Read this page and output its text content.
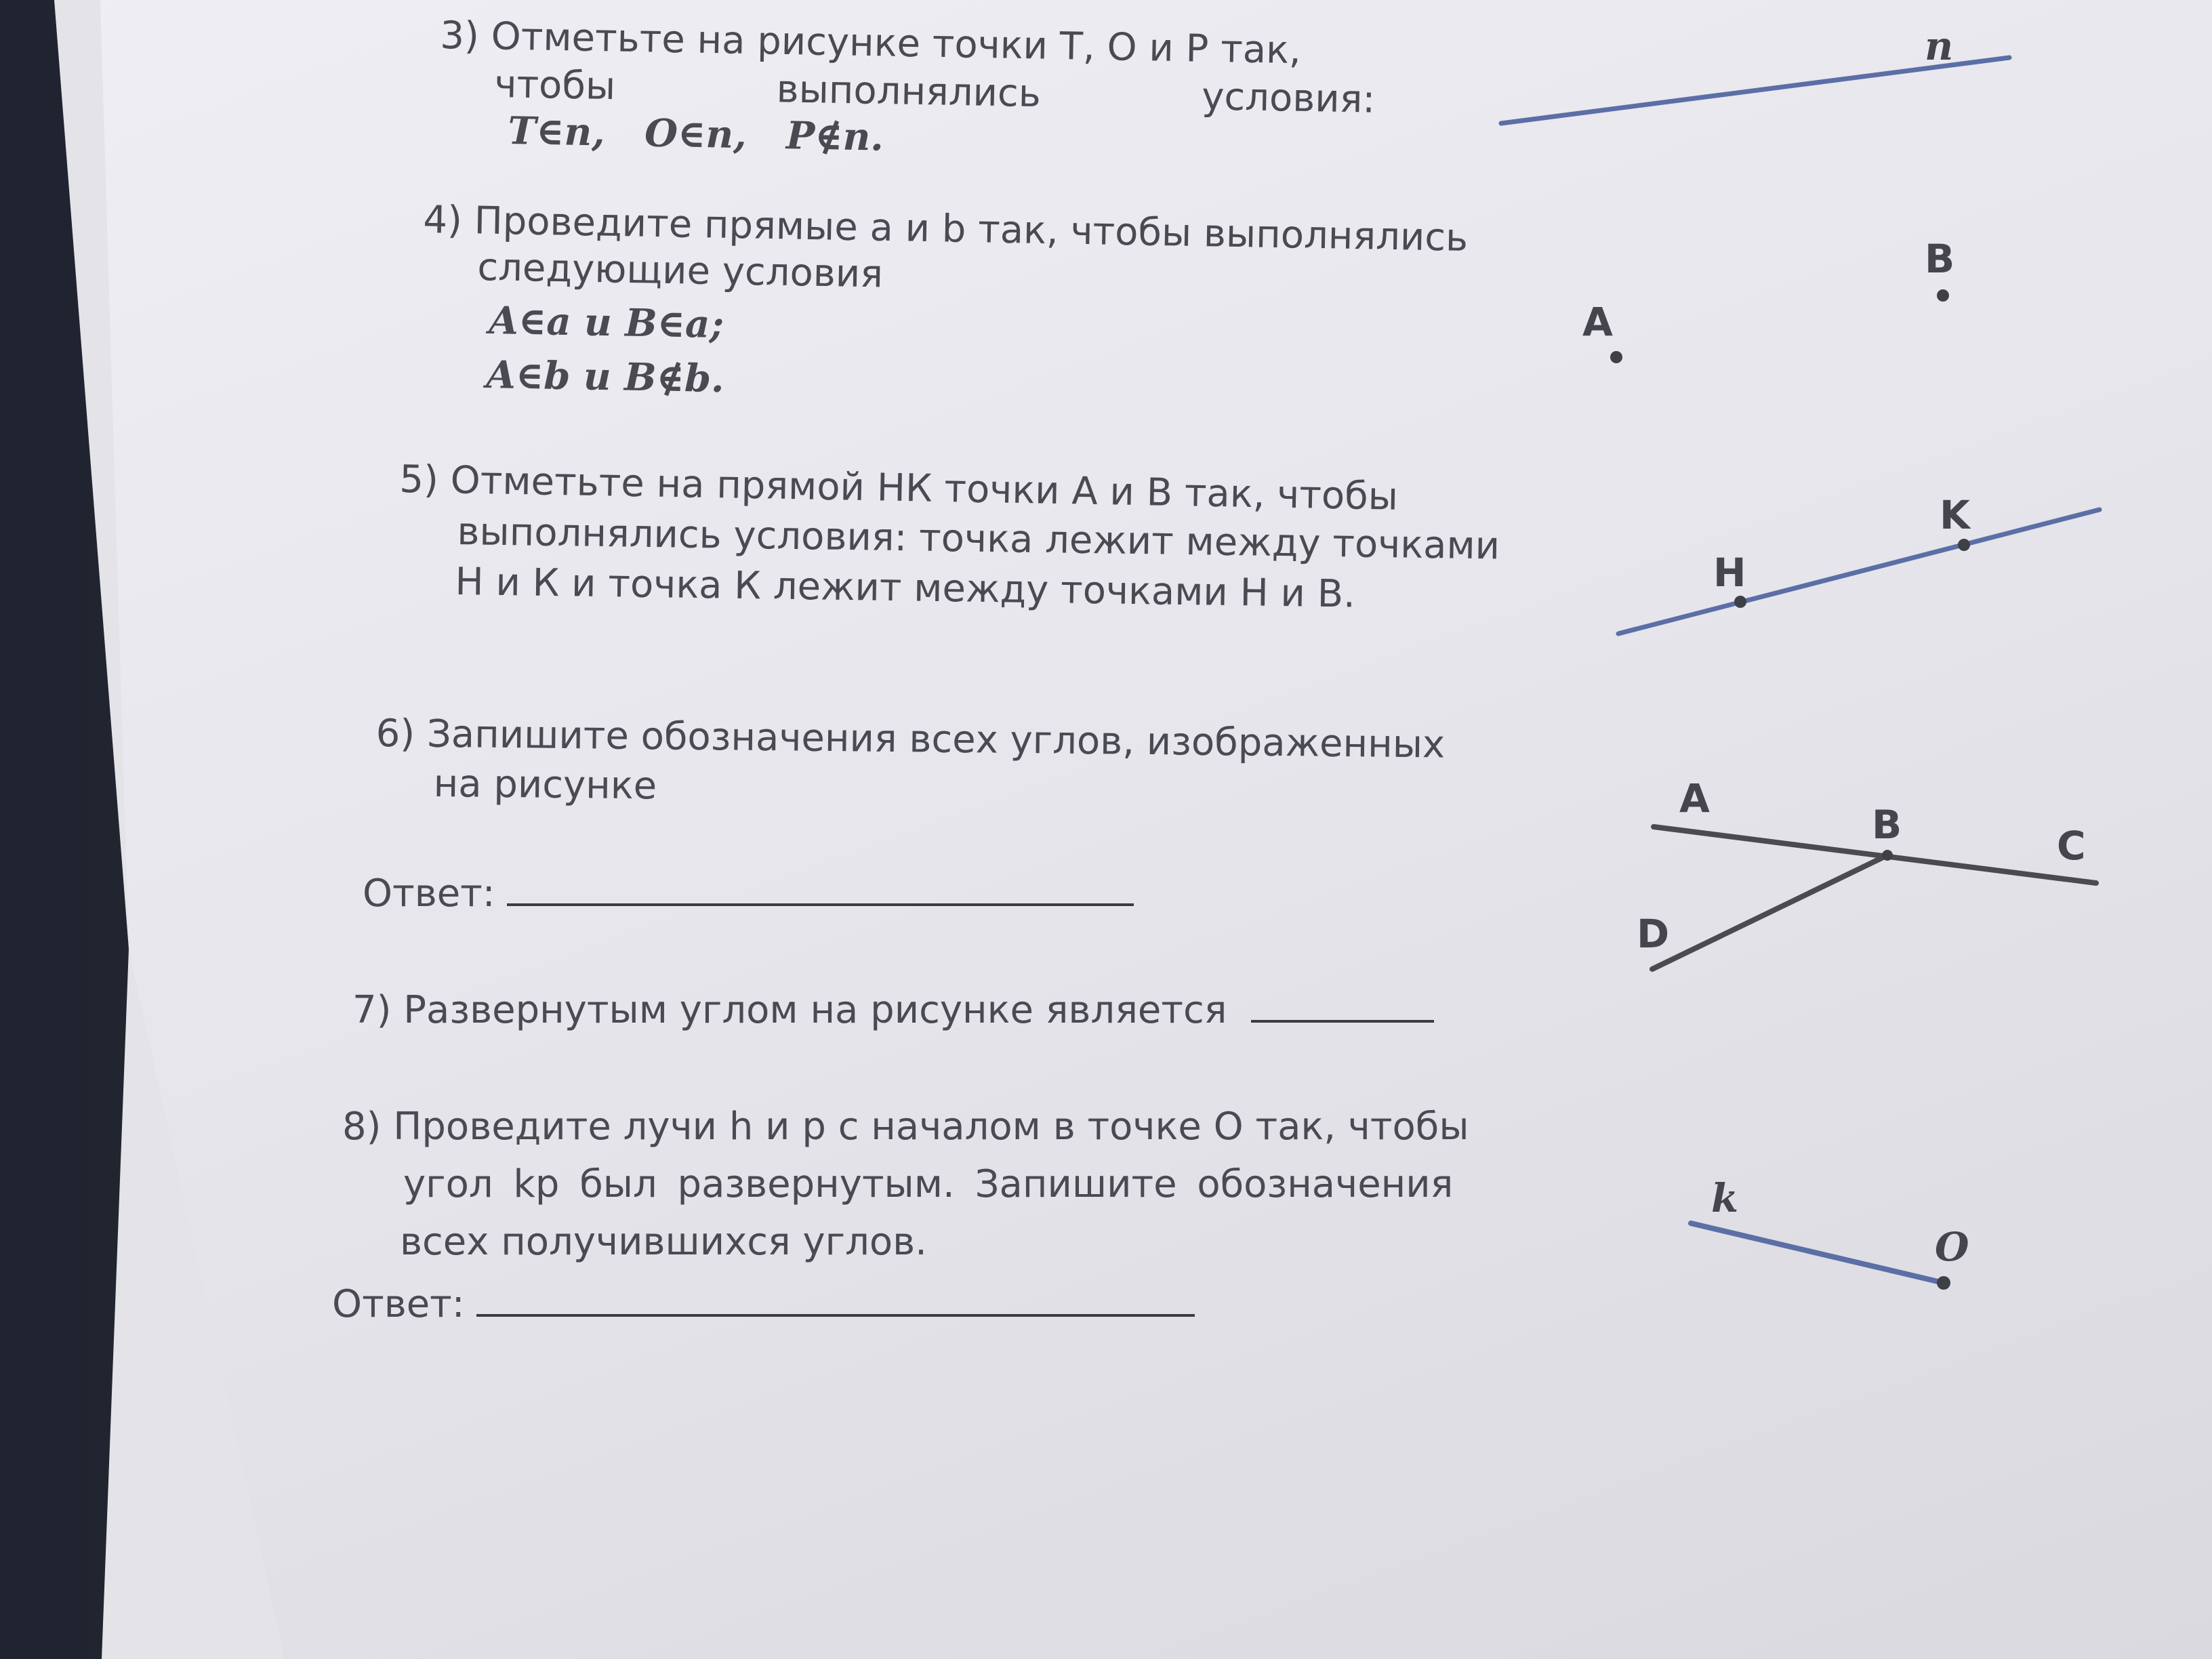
3) Отметьте на рисунке точки Т, О и Р так,
чтобы	выполнялись	условия:
T∈n,   O∈n,   P∉n.
4) Проведите прямые a и b так, чтобы выполнялись
следующие условия
A∈a и B∈a;
A∈b и B∉b.
5) Отметьте на прямой НК точки А и В так, чтобы
выполнялись условия: точка лежит между точками
Н и К и точка К лежит между точками Н и В.
6) Запишите обозначения всех углов, изображенных
на рисунке
Ответ:
7) Развернутым углом на рисунке является
8) Проведите лучи h и p с началом в точке О так, чтобы
угол kp был развернутым. Запишите обозначения
всех получившихся углов.
Ответ:
n
A
B
H
K
A
B	C
D
k
O
